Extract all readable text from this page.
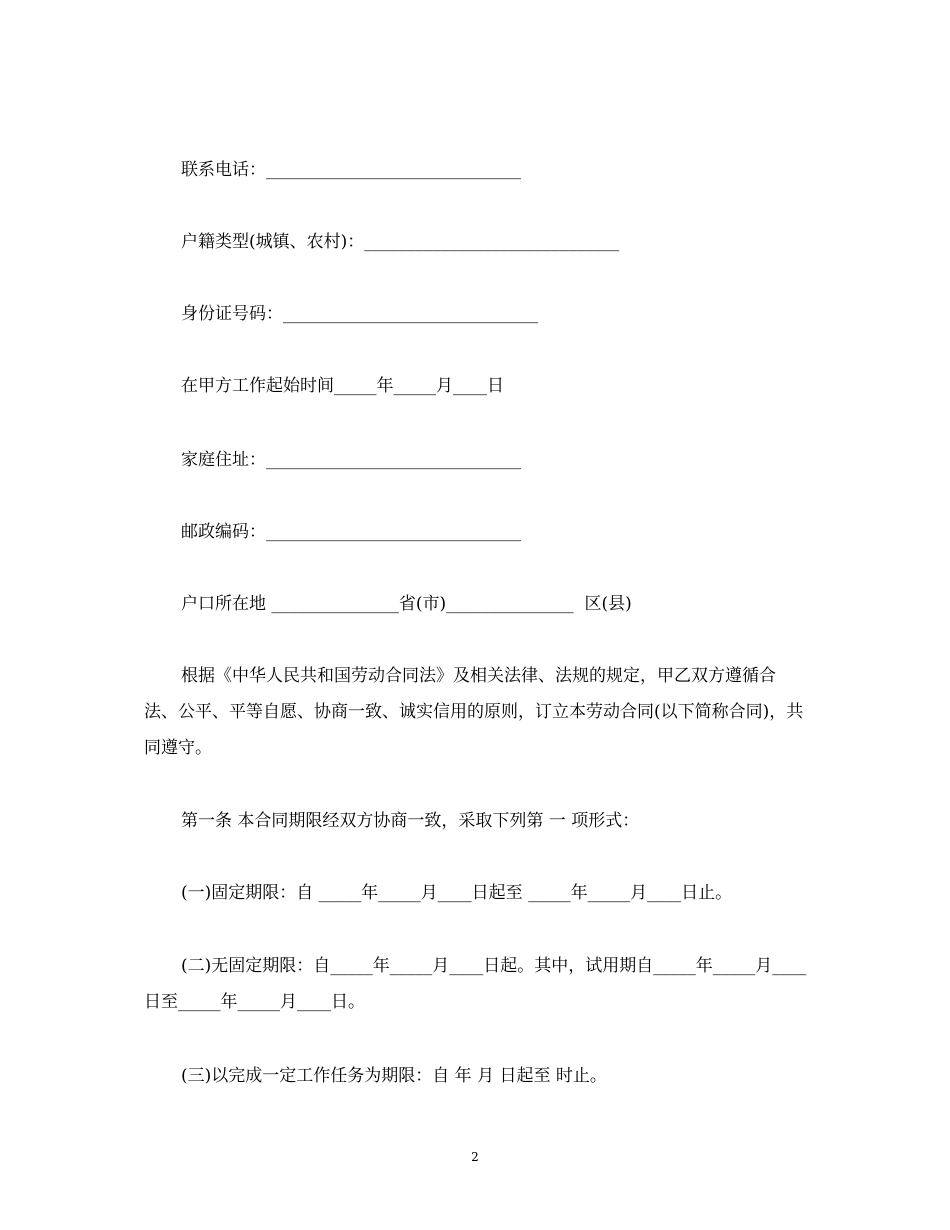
联系电话：______________________________
户籍类型(城镇、农村)：______________________________
身份证号码：______________________________
在甲方工作起始时间_____年_____月____日
家庭住址：______________________________
邮政编码：______________________________
户口所在地 _______________省(市)_______________  区(县)
根据《中华人民共和国劳动合同法》及相关法律、法规的规定，甲乙双方遵循合法、公平、平等自愿、协商一致、诚实信用的原则，订立本劳动合同(以下简称合同)，共同遵守。
第一条 本合同期限经双方协商一致，采取下列第 一 项形式：
(一)固定期限：自 _____年_____月____日起至 _____年_____月____日止。
(二)无固定期限：自_____年_____月____日起。其中，试用期自_____年_____月____日至_____年_____月____日。
(三)以完成一定工作任务为期限：自 年 月 日起至 时止。
2
